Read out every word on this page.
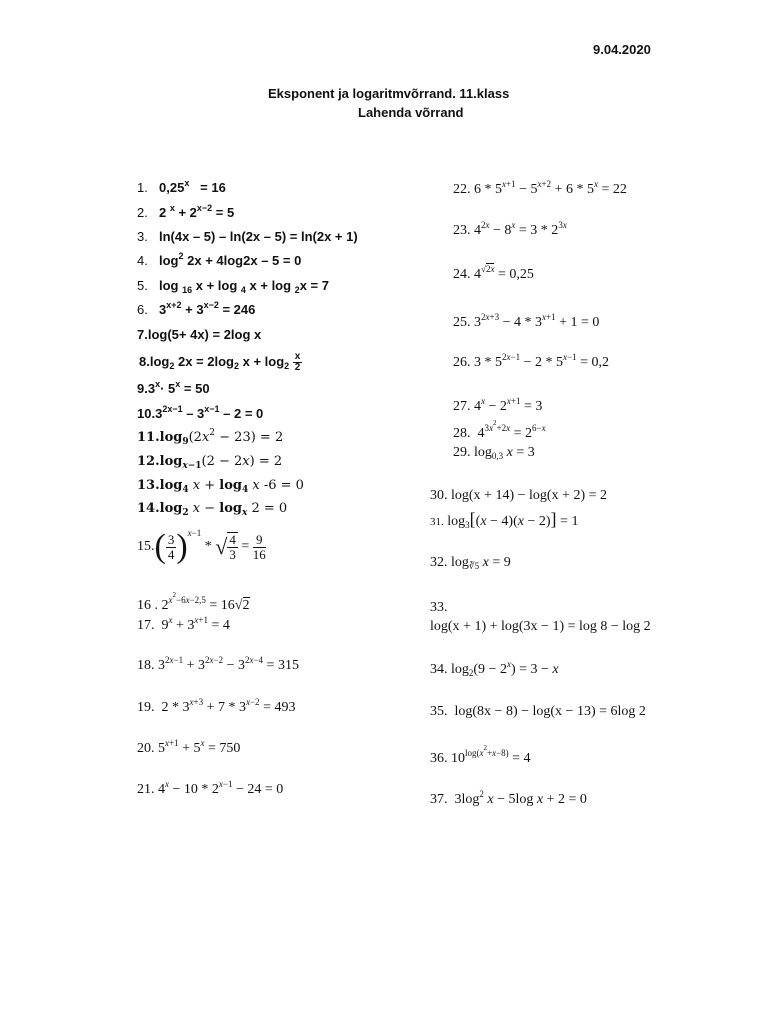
9.04.2020
Eksponent ja logaritmvõrrand. 11.klass
Lahenda võrrand
1. $0,25^x = 16$
2. 2 $^x + 2^{x-2} = 5$
3. ln(4x – 5) – ln(2x – 5) = ln(2x + 1)
4. $\log^2 2x + 4\log 2x - 5 = 0$
5. log $_{16}$ x + log $_4$ x + log $_2$x = 7
6. $3^{x+2} + 3^{x-2} = 246$
7.log(5+ 4x) = 2log x
$8.\log_2$ $2x = 2\log_2$ $x + \log_2 \frac{x}{2}$
$9.3^x\cdot 5^x = 50$
$10.3^{2x-1} - 3^{x-1} - 2 = 0$
$11.\log_9(2x^2 - 23) = 2$
$12.\log_{x-1}(2 - 2x) = 2$
$13.\log_4$ $x + \log_4 x$ -6 = 0
$14.\log_2$ $x - \log_x 2 = 0$
$15.( \frac{3}{4} )^{x-1}$ * √ $\frac{4}{3} = \frac{9}{16}$
16 . $2^{x^2-6x-2,5} = 16√2$
17.  $9^x + 3^{x+1} = 4$
18. $3^{2x-1} + 3^{2x-2} - 3^{2x-4} = 315$
19.  $2 * 3^{x+3} + 7 * 3^{x-2} = 493$
20. $5^{x+1} + 5^x = 750$
21. $4^x - 10 * 2^{x-1} - 24 = 0$
22. $6 * 5^{x+1} - 5^{x+2} + 6 * 5^x = 22$
23. $4^{2x} - 8^x = 3 * 2^{3x}$
24. $4^{√2x} = 0,25$
25. $3^{2x+3} - 4 * 3^{x+1} + 1 = 0$
26. $3 * 5^{2x-1} - 2 * 5^{x-1} = 0,2$
27. $4^x - 2^{x+1} = 3$
28.  $4^{3x^2+2x} = 2^{6-x}$
29. $\log_{0,3} x = 3$
30. log(x + 14) − log(x + 2) = 2
31. $\log_3[(x - 4)(x - 2)] = 1$
32. $\log_{∛5} x = 9$
33.
log(x + 1) + log(3x − 1) = log 8 − log 2
34. $\log_2(9 - 2^x) = 3 - x$
35. log(8x − 8) − log(x − 13) = 6log 2
36. $10^{log(x^2+x-8)} = 4$
37.  $3\log^2$ x − 5log x + 2 = 0
